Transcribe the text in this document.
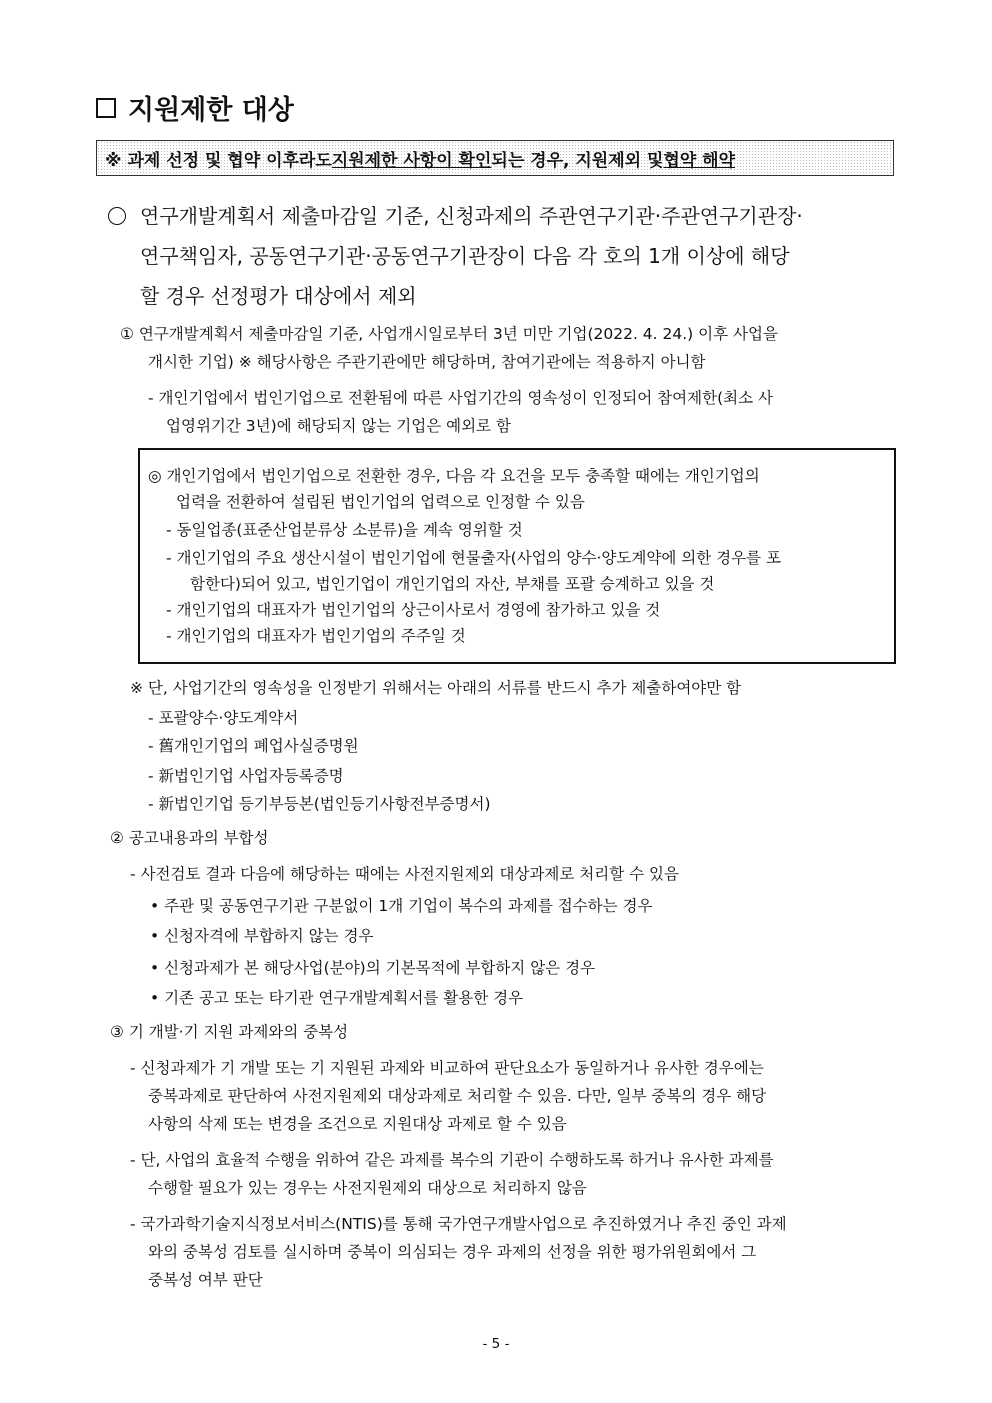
지원제한 대상
※ 과제 선정 및 협약 이후라도 지원제한 사항이 확인 되는 경우, 지원제외 및 협약 해약
연구개발계획서 제출마감일 기준, 신청과제의 주관연구기관·주관연구기관장·
연구책임자, 공동연구기관·공동연구기관장이 다음 각 호의 1개 이상에 해당
할 경우 선정평가 대상에서 제외
① 연구개발계획서 제출마감일 기준, 사업개시일로부터 3년 미만 기업(2022. 4. 24.) 이후 사업을
개시한 기업) ※ 해당사항은 주관기관에만 해당하며, 참여기관에는 적용하지 아니함
- 개인기업에서 법인기업으로 전환됨에 따른 사업기간의 영속성이 인정되어 참여제한(최소 사
업영위기간 3년)에 해당되지 않는 기업은 예외로 함
◎ 개인기업에서 법인기업으로 전환한 경우, 다음 각 요건을 모두 충족할 때에는 개인기업의
업력을 전환하여 설립된 법인기업의 업력으로 인정할 수 있음
- 동일업종(표준산업분류상 소분류)을 계속 영위할 것
- 개인기업의 주요 생산시설이 법인기업에 현물출자(사업의 양수·양도계약에 의한 경우를 포
함한다)되어 있고, 법인기업이 개인기업의 자산, 부채를 포괄 승계하고 있을 것
- 개인기업의 대표자가 법인기업의 상근이사로서 경영에 참가하고 있을 것
- 개인기업의 대표자가 법인기업의 주주일 것
※ 단, 사업기간의 영속성을 인정받기 위해서는 아래의 서류를 반드시 추가 제출하여야만 함
- 포괄양수·양도계약서
- 舊개인기업의 폐업사실증명원
- 新법인기업 사업자등록증명
- 新법인기업 등기부등본(법인등기사항전부증명서)
② 공고내용과의 부합성
- 사전검토 결과 다음에 해당하는 때에는 사전지원제외 대상과제로 처리할 수 있음
• 주관 및 공동연구기관 구분없이 1개 기업이 복수의 과제를 접수하는 경우
• 신청자격에 부합하지 않는 경우
• 신청과제가 본 해당사업(분야)의 기본목적에 부합하지 않은 경우
• 기존 공고 또는 타기관 연구개발계획서를 활용한 경우
③ 기 개발·기 지원 과제와의 중복성
- 신청과제가 기 개발 또는 기 지원된 과제와 비교하여 판단요소가 동일하거나 유사한 경우에는
중복과제로 판단하여 사전지원제외 대상과제로 처리할 수 있음. 다만, 일부 중복의 경우 해당
사항의 삭제 또는 변경을 조건으로 지원대상 과제로 할 수 있음
- 단, 사업의 효율적 수행을 위하여 같은 과제를 복수의 기관이 수행하도록 하거나 유사한 과제를
수행할 필요가 있는 경우는 사전지원제외 대상으로 처리하지 않음
- 국가과학기술지식정보서비스(NTIS)를 통해 국가연구개발사업으로 추진하였거나 추진 중인 과제
와의 중복성 검토를 실시하며 중복이 의심되는 경우 과제의 선정을 위한 평가위원회에서 그
중복성 여부 판단
- 5 -
